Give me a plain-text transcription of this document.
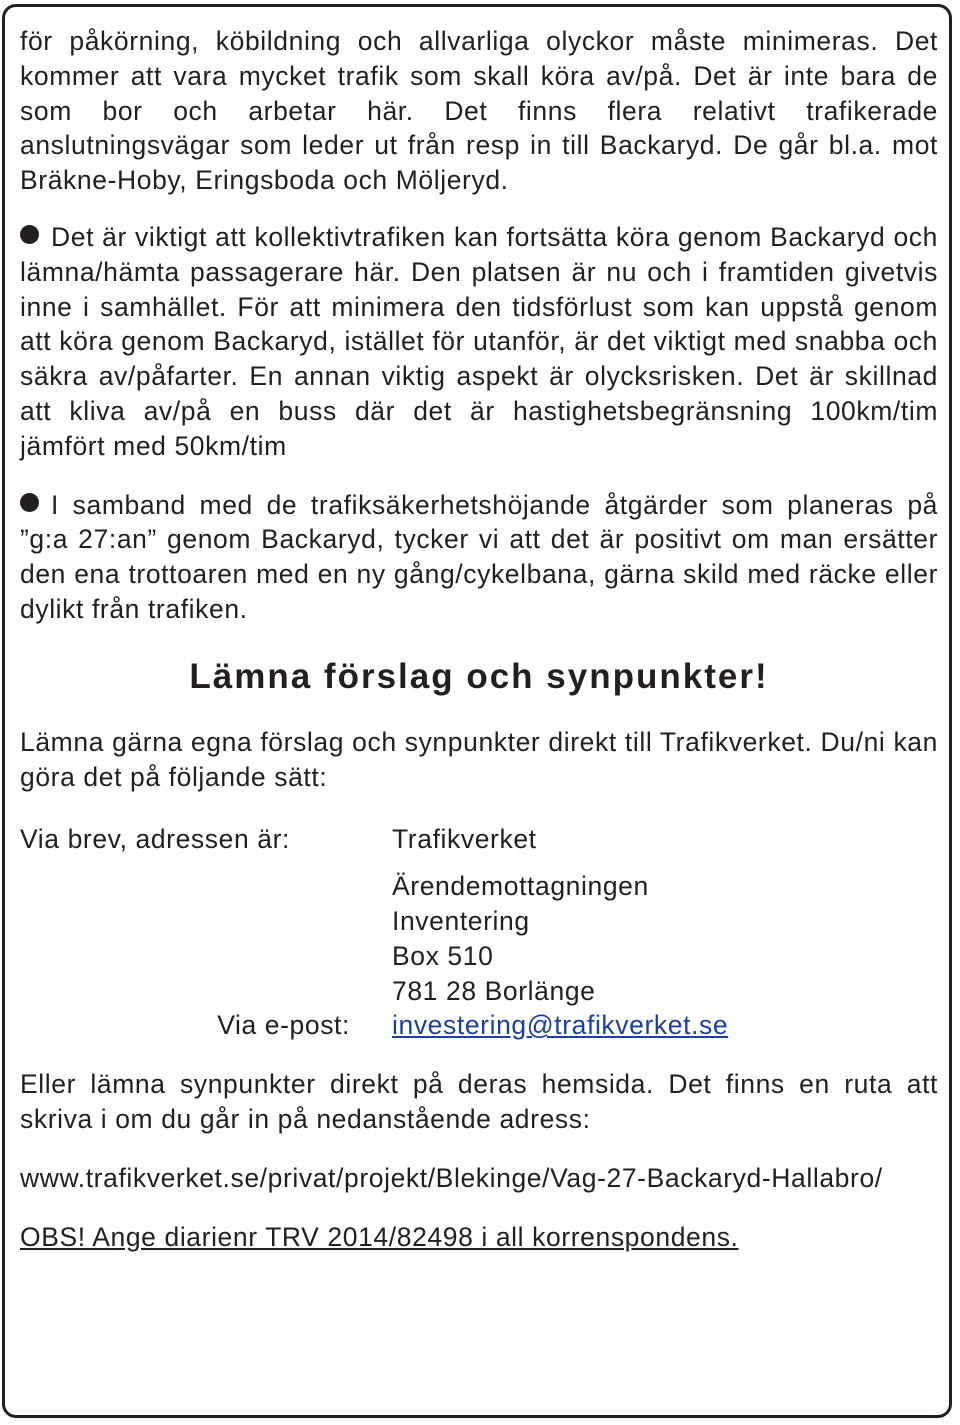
för påkörning, köbildning och allvarliga olyckor måste minimeras. Det kommer att vara mycket trafik som skall köra av/på. Det är inte bara de som bor och arbetar här. Det finns flera relativt trafikerade anslutningsvägar som leder ut från resp in till Backaryd. De går bl.a. mot Bräkne-Hoby, Eringsboda och Möljeryd.

Det är viktigt att kollektivtrafiken kan fortsätta köra genom Backaryd och lämna/hämta passagerare här. Den platsen är nu och i framtiden givetvis inne i samhället. För att minimera den tidsförlust som kan uppstå genom att köra genom Backaryd, istället för utanför, är det viktigt med snabba och säkra av/påfarter. En annan viktig aspekt är olycksrisken. Det är skillnad att kliva av/på en buss där det är hastighetsbegränsning 100km/tim jämfört med 50km/tim

I samband med de trafiksäkerhetshöjande åtgärder som planeras på ”g:a 27:an” genom Backaryd, tycker vi att det är positivt om man ersätter den ena trottoaren med en ny gång/cykelbana, gärna skild med räcke eller dylikt från trafiken.

Lämna förslag och synpunkter!

Lämna gärna egna förslag och synpunkter direkt till Trafikverket. Du/ni kan göra det på följande sätt:

Via brev, adressen är:	Trafikverket
Ärendemottagningen
Inventering
Box 510
781 28 Borlänge
Via e-post:	investering@trafikverket.se

Eller lämna synpunkter direkt på deras hemsida. Det finns en ruta att skriva i om du går in på nedanstående adress:

www.trafikverket.se/privat/projekt/Blekinge/Vag-27-Backaryd-Hallabro/

OBS! Ange diarienr TRV 2014/82498 i all korrenspondens.
